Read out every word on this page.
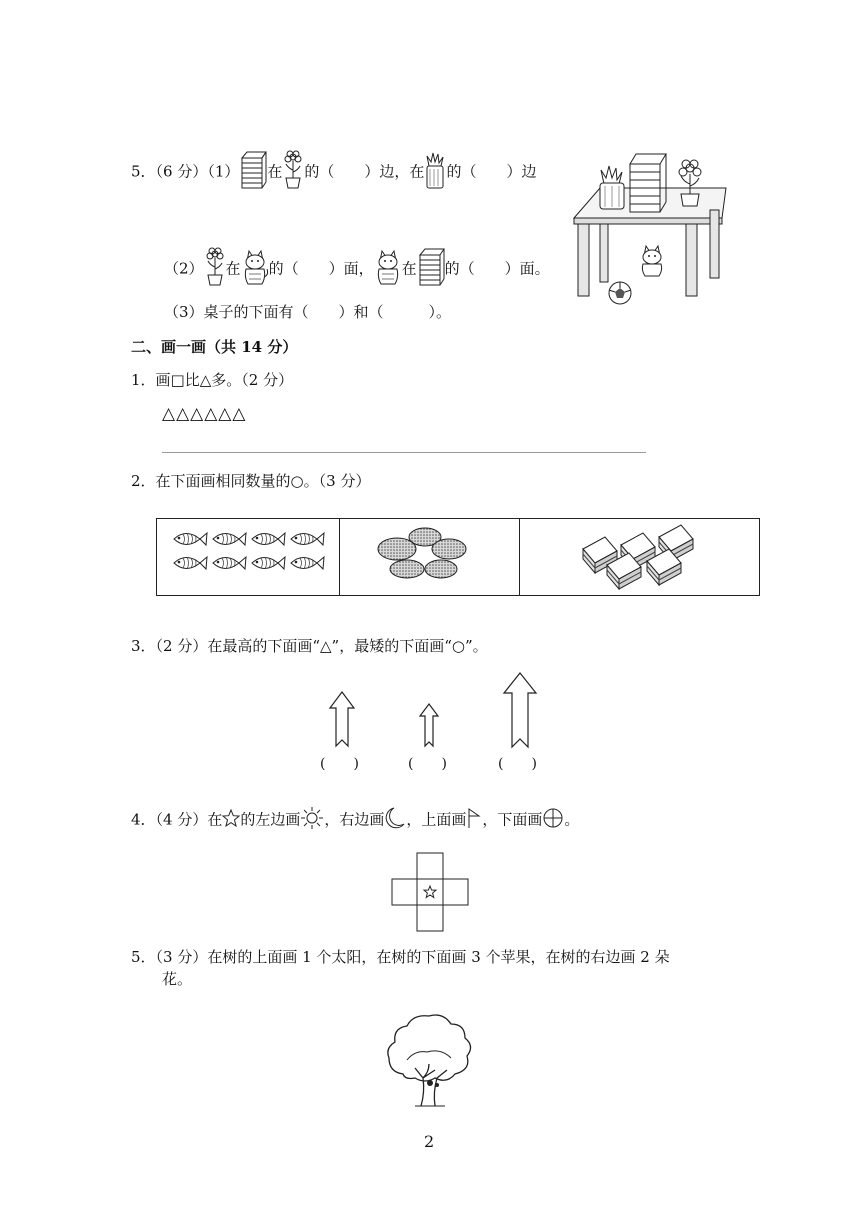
5．（6 分）（1） 在 的（　　）边，在 的（　　）边
（2） 在 的（　　）面， 在 的（　　）面。
（3）桌子的下面有（　　）和（　　　）。
二、画一画（共 14 分）
1．画□比△多。（2 分）
△△△△△△
2．在下面画相同数量的○。（3 分）
3．（2 分）在最高的下面画“△”，最矮的下面画“○”。
(　　)	(　　)	(　　)
4．（4 分）在 的左边画 ，右边画 ，上面画 ，下面画 。
5．（3 分）在树的上面画 1 个太阳，在树的下面画 3 个苹果，在树的右边画 2 朵
花。
2
